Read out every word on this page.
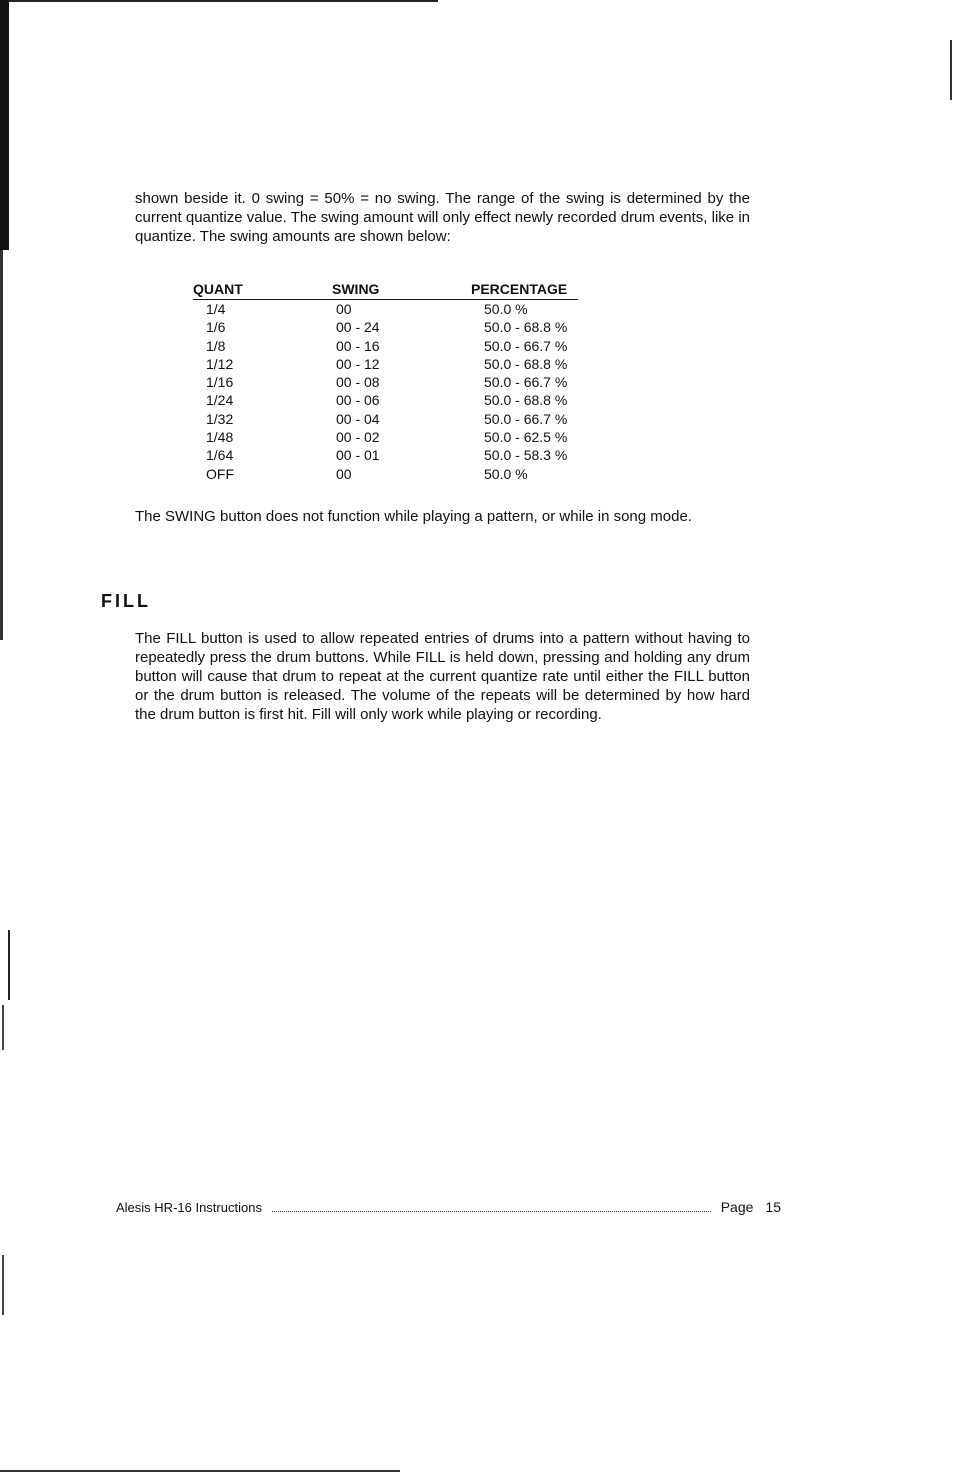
shown beside it. 0 swing = 50% = no swing. The range of the swing is determined by the current quantize value. The swing amount will only effect newly recorded drum events, like in quantize. The swing amounts are shown below:

QUANT	SWING	PERCENTAGE
1/4	00	50.0 %
1/6	00 - 24	50.0 - 68.8 %
1/8	00 - 16	50.0 - 66.7 %
1/12	00 - 12	50.0 - 68.8 %
1/16	00 - 08	50.0 - 66.7 %
1/24	00 - 06	50.0 - 68.8 %
1/32	00 - 04	50.0 - 66.7 %
1/48	00 - 02	50.0 - 62.5 %
1/64	00 - 01	50.0 - 58.3 %
OFF	00	50.0 %

The SWING button does not function while playing a pattern, or while in song mode.

FILL

The FILL button is used to allow repeated entries of drums into a pattern without having to repeatedly press the drum buttons. While FILL is held down, pressing and holding any drum button will cause that drum to repeat at the current quantize rate until either the FILL button or the drum button is released. The volume of the repeats will be determined by how hard the drum button is first hit. Fill will only work while playing or recording.

Alesis HR-16 Instructions	Page 15
